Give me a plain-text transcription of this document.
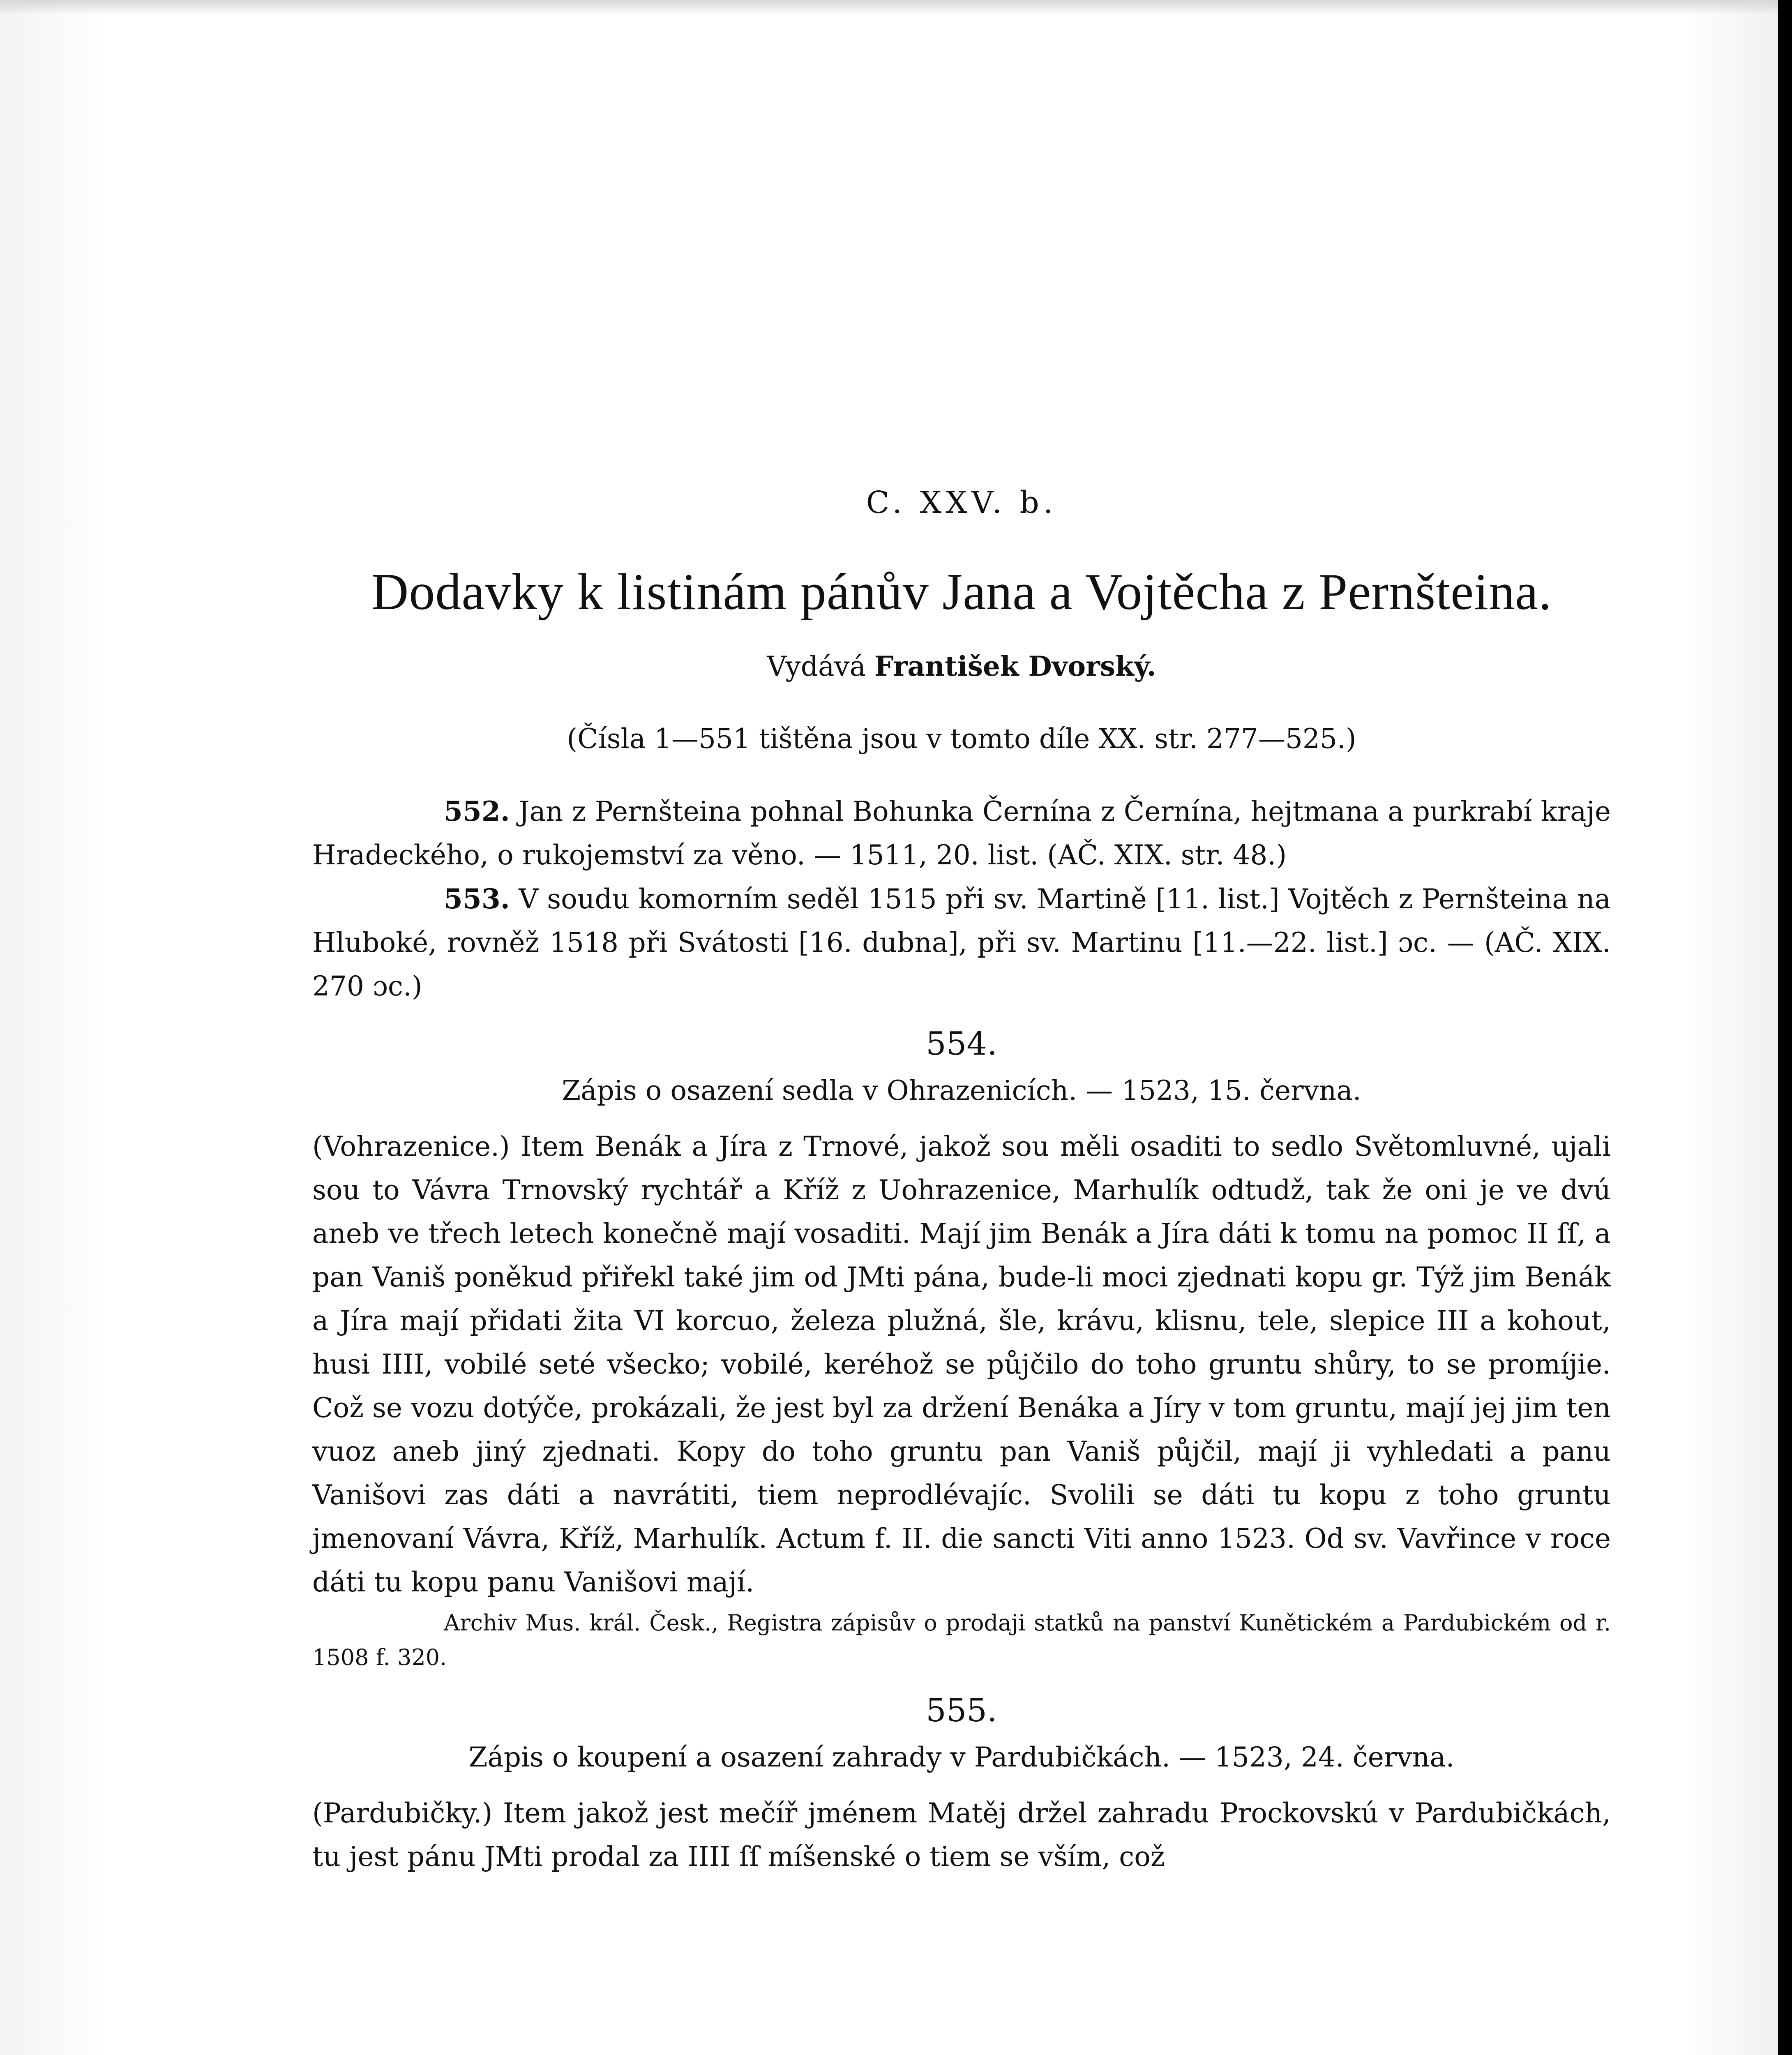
C. XXV. b.
Dodavky k listinám pánův Jana a Vojtěcha z Pernšteina.
Vydává František Dvorský.
(Čísla 1—551 tištěna jsou v tomto díle XX. str. 277—525.)
552. Jan z Pernšteina pohnal Bohunka Černína z Černína, hejtmana a purkrabí kraje Hradeckého, o rukojemství za věno. — 1511, 20. list. (AČ. XIX. str. 48.)
553. V soudu komorním seděl 1515 při sv. Martině [11. list.] Vojtěch z Pernšteina na Hluboké, rovněž 1518 při Svátosti [16. dubna], při sv. Martinu [11.—22. list.] ɔc. — (AČ. XIX. 270 ɔc.)
554.
Zápis o osazení sedla v Ohrazenicích. — 1523, 15. června.
(Vohrazenice.) Item Benák a Jíra z Trnové, jakož sou měli osaditi to sedlo Světomluvné, ujali sou to Vávra Trnovský rychtář a Kříž z Uohrazenice, Marhulík odtudž, tak že oni je ve dvú aneb ve třech letech konečně mají vosaditi. Mají jim Benák a Jíra dáti k tomu na pomoc II ſſ, a pan Vaniš poněkud přiřekl také jim od JMti pána, bude-li moci zjednati kopu gr. Týž jim Benák a Jíra mají přidati žita VI korcuo, železa plužná, šle, krávu, klisnu, tele, slepice III a kohout, husi IIII, vobilé seté všecko; vobilé, keréhož se půjčilo do toho gruntu shůry, to se promíjie. Což se vozu dotýče, prokázali, že jest byl za držení Benáka a Jíry v tom gruntu, mají jej jim ten vuoz aneb jiný zjednati. Kopy do toho gruntu pan Vaniš půjčil, mají ji vyhledati a panu Vanišovi zas dáti a navrátiti, tiem neprodlévajíc. Svolili se dáti tu kopu z toho gruntu jmenovaní Vávra, Kříž, Marhulík. Actum f. II. die sancti Viti anno 1523. Od sv. Vavřince v roce dáti tu kopu panu Vanišovi mají.
Archiv Mus. král. Česk., Registra zápisův o prodaji statků na panství Kunětickém a Pardubickém od r. 1508 f. 320.
555.
Zápis o koupení a osazení zahrady v Pardubičkách. — 1523, 24. června.
(Pardubičky.) Item jakož jest mečíř jménem Matěj držel zahradu Prockovskú v Pardubičkách, tu jest pánu JMti prodal za IIII ſſ míšenské o tiem se vším, což
